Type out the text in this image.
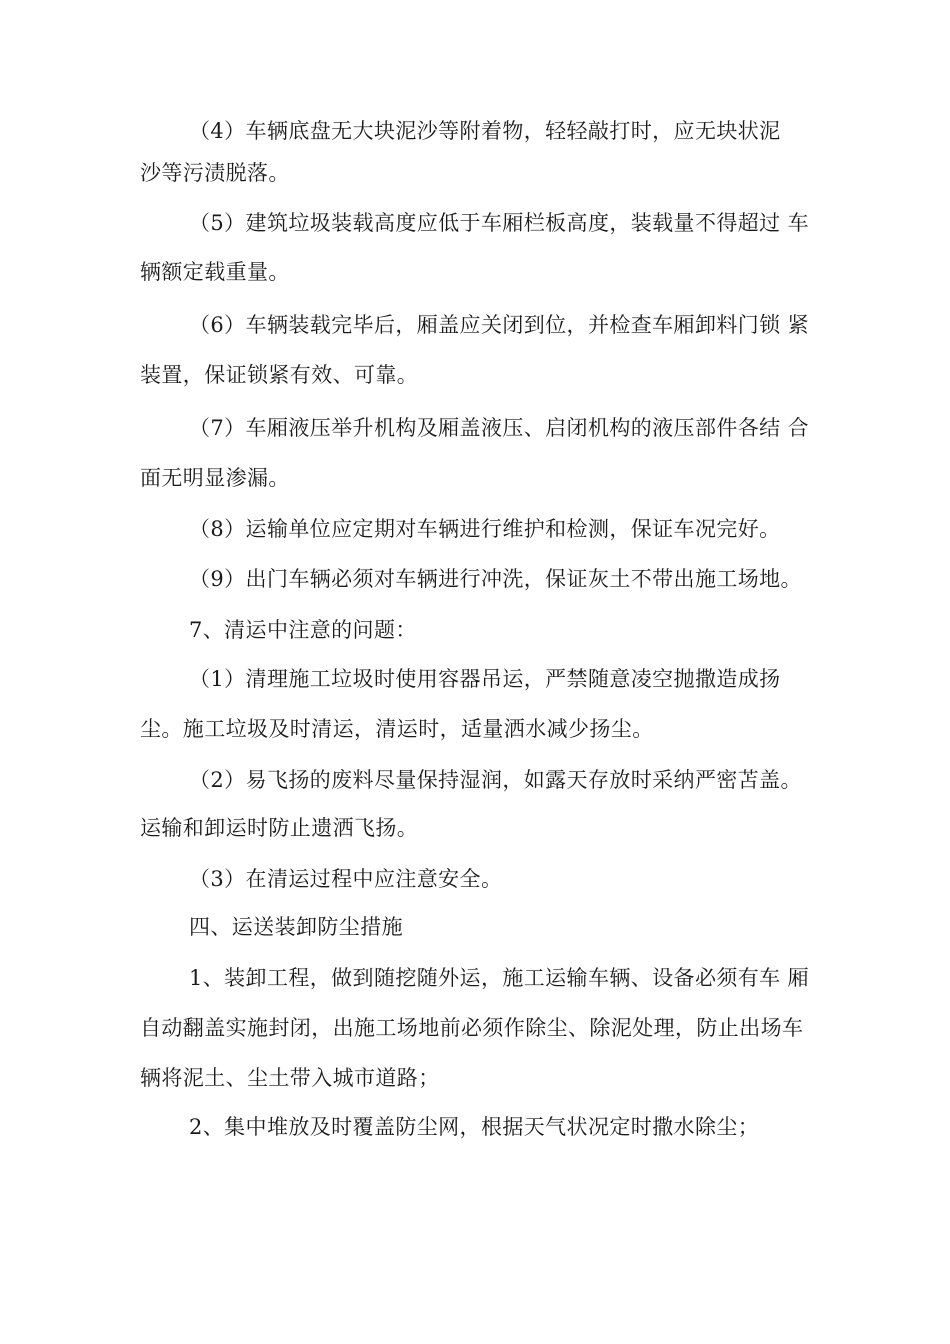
（4）车辆底盘无大块泥沙等附着物，轻轻敲打时，应无块状泥
沙等污渍脱落。
（5）建筑垃圾装载高度应低于车厢栏板高度，装载量不得超过 车
辆额定载重量。
（6）车辆装载完毕后，厢盖应关闭到位，并检查车厢卸料门锁 紧
装置，保证锁紧有效、可靠。
（7）车厢液压举升机构及厢盖液压、启闭机构的液压部件各结 合
面无明显渗漏。
（8）运输单位应定期对车辆进行维护和检测，保证车况完好。
（9）出门车辆必须对车辆进行冲洗，保证灰土不带出施工场地。
7、清运中注意的问题：
（1）清理施工垃圾时使用容器吊运，严禁随意凌空抛撒造成扬
尘。施工垃圾及时清运，清运时，适量洒水减少扬尘。
（2）易飞扬的废料尽量保持湿润，如露天存放时采纳严密苫盖。
运输和卸运时防止遗洒飞扬。
（3）在清运过程中应注意安全。
四、运送装卸防尘措施
1、装卸工程，做到随挖随外运，施工运输车辆、设备必须有车 厢
自动翻盖实施封闭，出施工场地前必须作除尘、除泥处理，防止出场车
辆将泥土、尘土带入城市道路；
2、集中堆放及时覆盖防尘网，根据天气状况定时撒水除尘；
